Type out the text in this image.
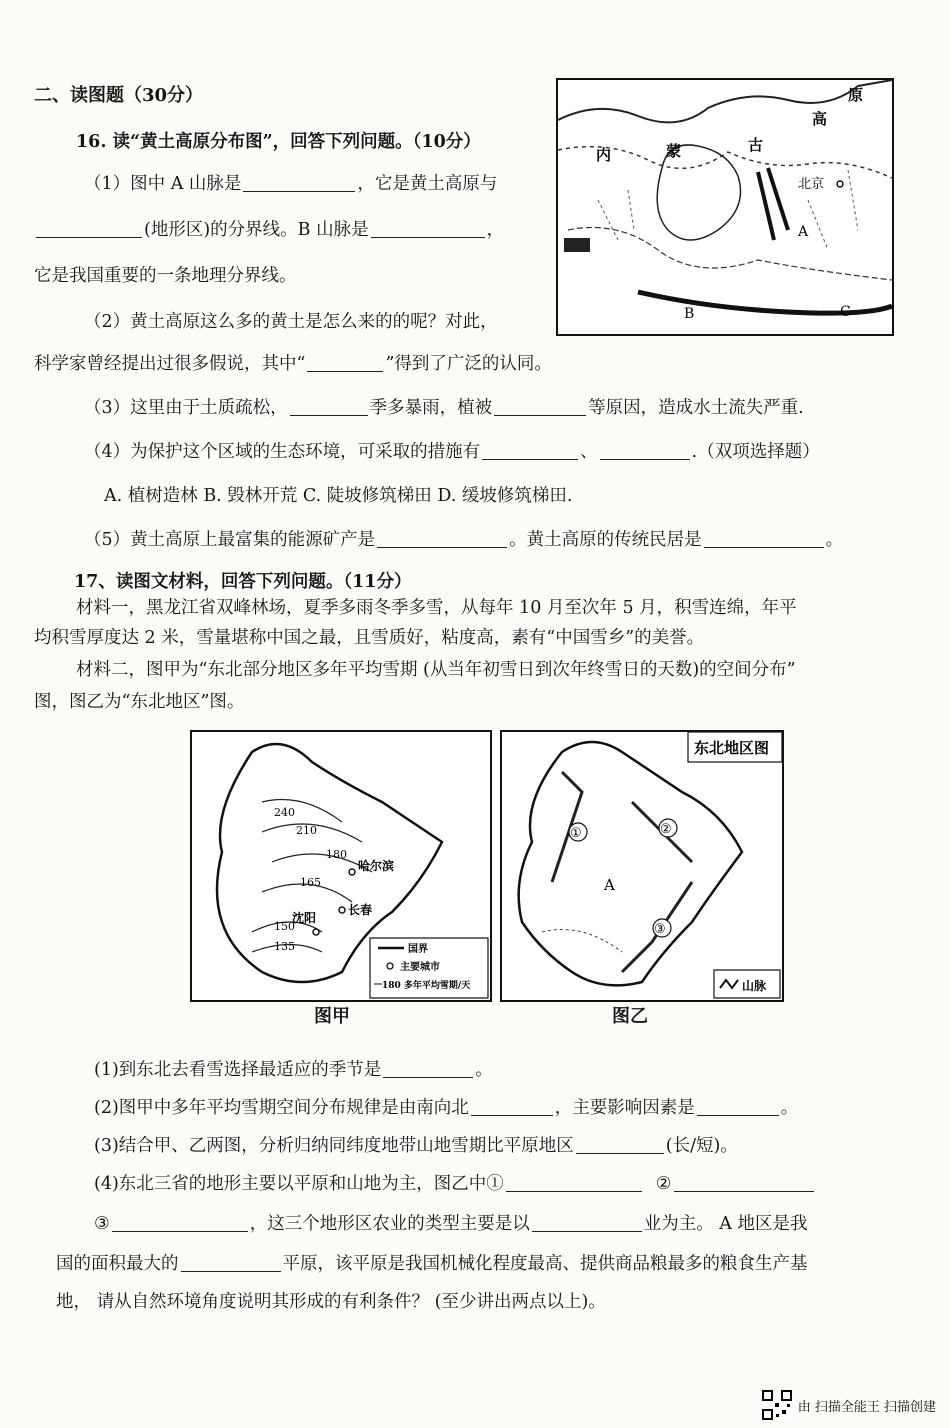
二、读图题（30分）
16. 读“黄土高原分布图”，回答下列问题。（10分）
（1）图中 A 山脉是	，它是黄土高原与
(地形区)的分界线。B 山脉是	，
它是我国重要的一条地理分界线。
（2）黄土高原这么多的黄土是怎么来的的呢？对此，
科学家曾经提出过很多假说，其中“	”得到了广泛的认同。
（3）这里由于土质疏松，	季多暴雨，植被	等原因，造成水土流失严重.
（4）为保护这个区域的生态环境，可采取的措施有	、	.（双项选择题）
A. 植树造林 B. 毁林开荒 C. 陡坡修筑梯田 D. 缓坡修筑梯田.
（5）黄土高原上最富集的能源矿产是	。黄土高原的传统民居是	。
原
高
古
蒙
内
北京
A
B	C
17、读图文材料，回答下列问题。（11分）
材料一，黑龙江省双峰林场，夏季多雨冬季多雪，从每年 10 月至次年 5 月，积雪连绵，年平
均积雪厚度达 2 米，雪量堪称中国之最，且雪质好，粘度高，素有“中国雪乡”的美誉。
材料二，图甲为“东北部分地区多年平均雪期 (从当年初雪日到次年终雪日的天数)的空间分布”
图，图乙为“东北地区”图。
240
210
180
165
150
135
哈尔滨
长春
沈阳
国界
主要城市
180 多年平均雪期/天
图甲
东北地区图
①	②
③
A
山脉
图乙
(1)到东北去看雪选择最适应的季节是	。
(2)图甲中多年平均雪期空间分布规律是由南向北	，主要影响因素是	。
(3)结合甲、乙两图，分析归纳同纬度地带山地雪期比平原地区	(长/短)。
(4)东北三省的地形主要以平原和山地为主，图乙中①	②
③	，这三个地形区农业的类型主要是以	业为主。 A 地区是我
国的面积最大的	平原，该平原是我国机械化程度最高、提供商品粮最多的粮食生产基
地， 请从自然环境角度说明其形成的有利条件？ (至少讲出两点以上)。
由 扫描全能王 扫描创建
